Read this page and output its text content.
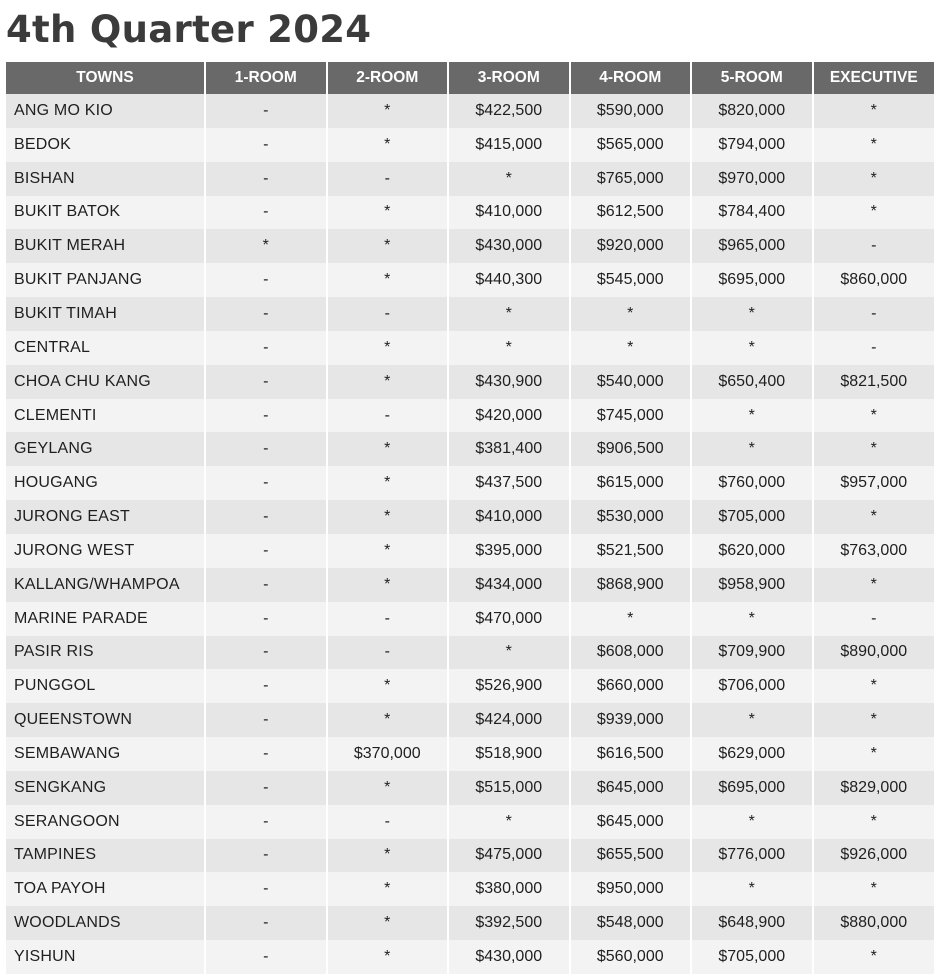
4th Quarter 2024
TOWNS	1-ROOM	2-ROOM	3-ROOM	4-ROOM	5-ROOM	EXECUTIVE
ANG MO KIO	-	*	$422,500	$590,000	$820,000	*
BEDOK	-	*	$415,000	$565,000	$794,000	*
BISHAN	-	-	*	$765,000	$970,000	*
BUKIT BATOK	-	*	$410,000	$612,500	$784,400	*
BUKIT MERAH	*	*	$430,000	$920,000	$965,000	-
BUKIT PANJANG	-	*	$440,300	$545,000	$695,000	$860,000
BUKIT TIMAH	-	-	*	*	*	-
CENTRAL	-	*	*	*	*	-
CHOA CHU KANG	-	*	$430,900	$540,000	$650,400	$821,500
CLEMENTI	-	-	$420,000	$745,000	*	*
GEYLANG	-	*	$381,400	$906,500	*	*
HOUGANG	-	*	$437,500	$615,000	$760,000	$957,000
JURONG EAST	-	*	$410,000	$530,000	$705,000	*
JURONG WEST	-	*	$395,000	$521,500	$620,000	$763,000
KALLANG/WHAMPOA	-	*	$434,000	$868,900	$958,900	*
MARINE PARADE	-	-	$470,000	*	*	-
PASIR RIS	-	-	*	$608,000	$709,900	$890,000
PUNGGOL	-	*	$526,900	$660,000	$706,000	*
QUEENSTOWN	-	*	$424,000	$939,000	*	*
SEMBAWANG	-	$370,000	$518,900	$616,500	$629,000	*
SENGKANG	-	*	$515,000	$645,000	$695,000	$829,000
SERANGOON	-	-	*	$645,000	*	*
TAMPINES	-	*	$475,000	$655,500	$776,000	$926,000
TOA PAYOH	-	*	$380,000	$950,000	*	*
WOODLANDS	-	*	$392,500	$548,000	$648,900	$880,000
YISHUN	-	*	$430,000	$560,000	$705,000	*
